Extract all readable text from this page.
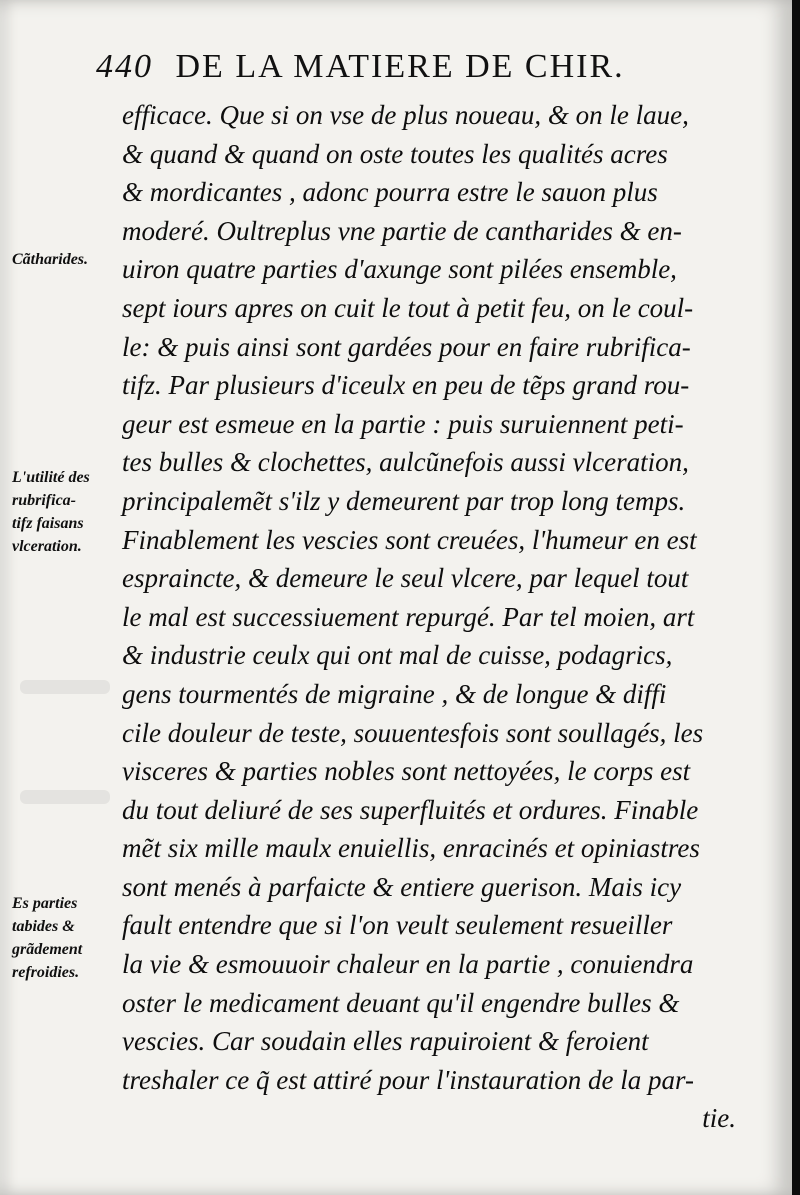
440 DE LA MATIERE DE CHIR.
Cãtharides.
L'utilité des
rubrifica-
tifz faisans
vlceration.
Es parties
tabides &
grãdement
refroidies.
efficace. Que si on vse de plus noueau, & on le laue,
& quand & quand on oste toutes les qualités acres
& mordicantes , adonc pourra estre le sauon plus
moderé. Oultreplus vne partie de cantharides & en-
uiron quatre parties d'axunge sont pilées ensemble,
sept iours apres on cuit le tout à petit feu, on le coul-
le: & puis ainsi sont gardées pour en faire rubrifica-
tifz. Par plusieurs d'iceulx en peu de tẽps grand rou-
geur est esmeue en la partie : puis suruiennent peti-
tes bulles & clochettes, aulcũnefois aussi vlceration,
principalemẽt s'ilz y demeurent par trop long temps.
Finablement les vescies sont creuées, l'humeur en est
espraincte, & demeure le seul vlcere, par lequel tout
le mal est successiuement repurgé. Par tel moien, art
& industrie ceulx qui ont mal de cuisse, podagrics,
gens tourmentés de migraine , & de longue & diffi
cile douleur de teste, souuentesfois sont soullagés, les
visceres & parties nobles sont nettoyées, le corps est
du tout deliuré de ses superfluités et ordures. Finable
mẽt six mille maulx enuiellis, enracinés et opiniastres
sont menés à parfaicte & entiere guerison. Mais icy
fault entendre que si l'on veult seulement resueiller
la vie & esmouuoir chaleur en la partie , conuiendra
oster le medicament deuant qu'il engendre bulles &
vescies. Car soudain elles rapuiroient & feroient
treshaler ce q̃ est attiré pour l'instauration de la par-
tie.
